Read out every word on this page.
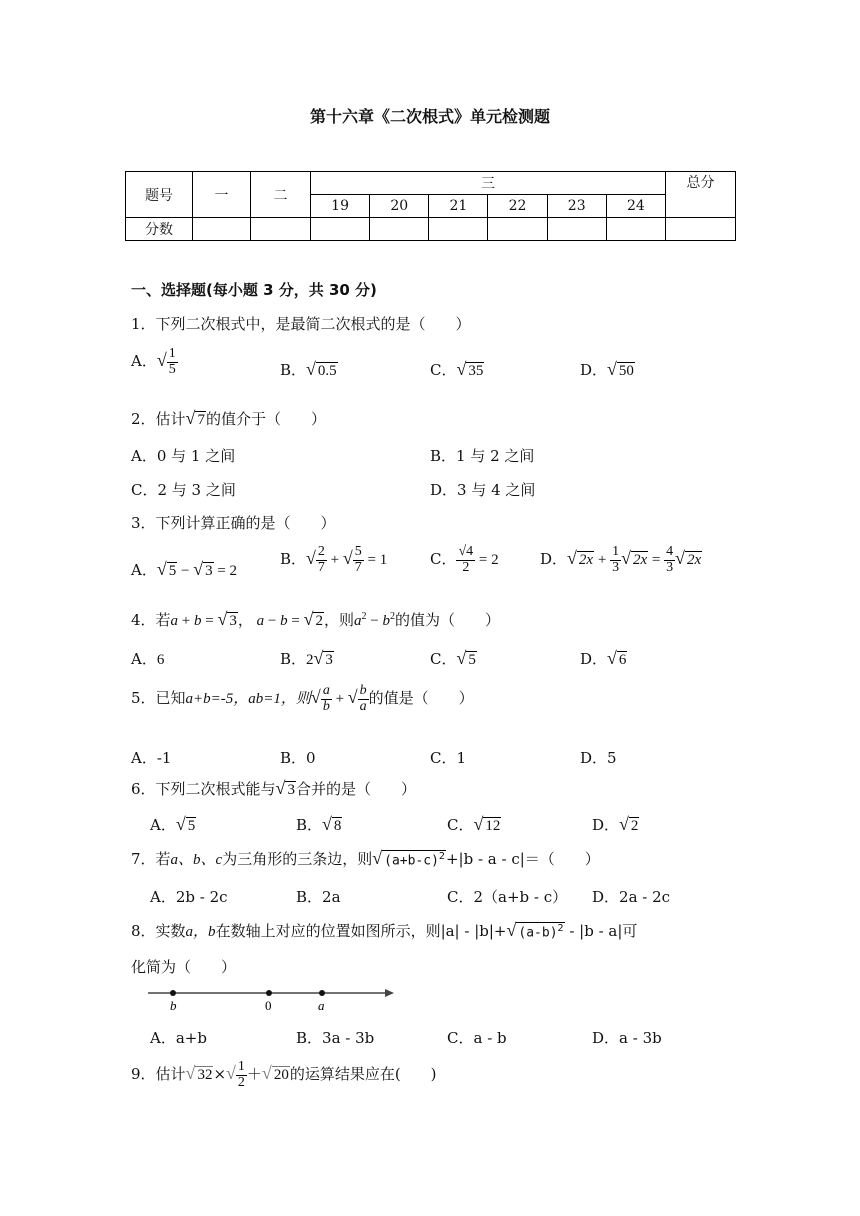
第十六章《二次根式》单元检测题
题号	一	二	三						总分
			19	20	21	22	23	24	
分数									
一、选择题(每小题 3 分，共 30 分)
1．下列二次根式中，是最简二次根式的是（　　）
A．√ $\frac{1}{5}$	B．√ 0.5	C．√ 35	D．√ 50
2．估计√ 7的值介于（　　）
A．0 与 1 之间	B．1 与 2 之间
C．2 与 3 之间	D．3 与 4 之间
3．下列计算正确的是（　　）
A．√ 5 − √ 3 = 2
B．√ $\frac{2}{7}$ + √ $\frac{5}{7} = 1$	C． $\frac{√4}{2} = 2$	D．√ $2x + \frac{1}{3}$ √ $2x = \frac{4}{3}$ √ 2x
4．若a + b = √ 3， a − b = √ 2，则$a^2 - b^2$的值为（　　）
A．6	B．2√ 3	C．√ 5	D．√ 6
5．已知a+b=-5，ab=1，则√ $\frac{a}{b}$ + √ $\frac{b}{a}$ 的值是（　　）
A．-1	B．0	C．1	D．5
6．下列二次根式能与√ 3合并的是（　　）
A．√ 5	B．√ 8	C．√ 12	D．√ 2
7．若a、b、c为三角形的三条边，则√ $(a+b-c)^2+|b - a - c|=$（　　）
A．2b - 2c	B．2a	C．2（a+b - c） D．2a - 2c
8．实数a，b在数轴上对应的位置如图所示，则|a| - |b|+√ $(a-b)^2 - |b - a|$可
化简为（　　）
b	0	a
A．a+b	B．3a - 3b	C．a - b	D．a - 3b
9．估计√ $32\times√ \frac{1}{2}$ ＋√ 20的运算结果应在(　　)
